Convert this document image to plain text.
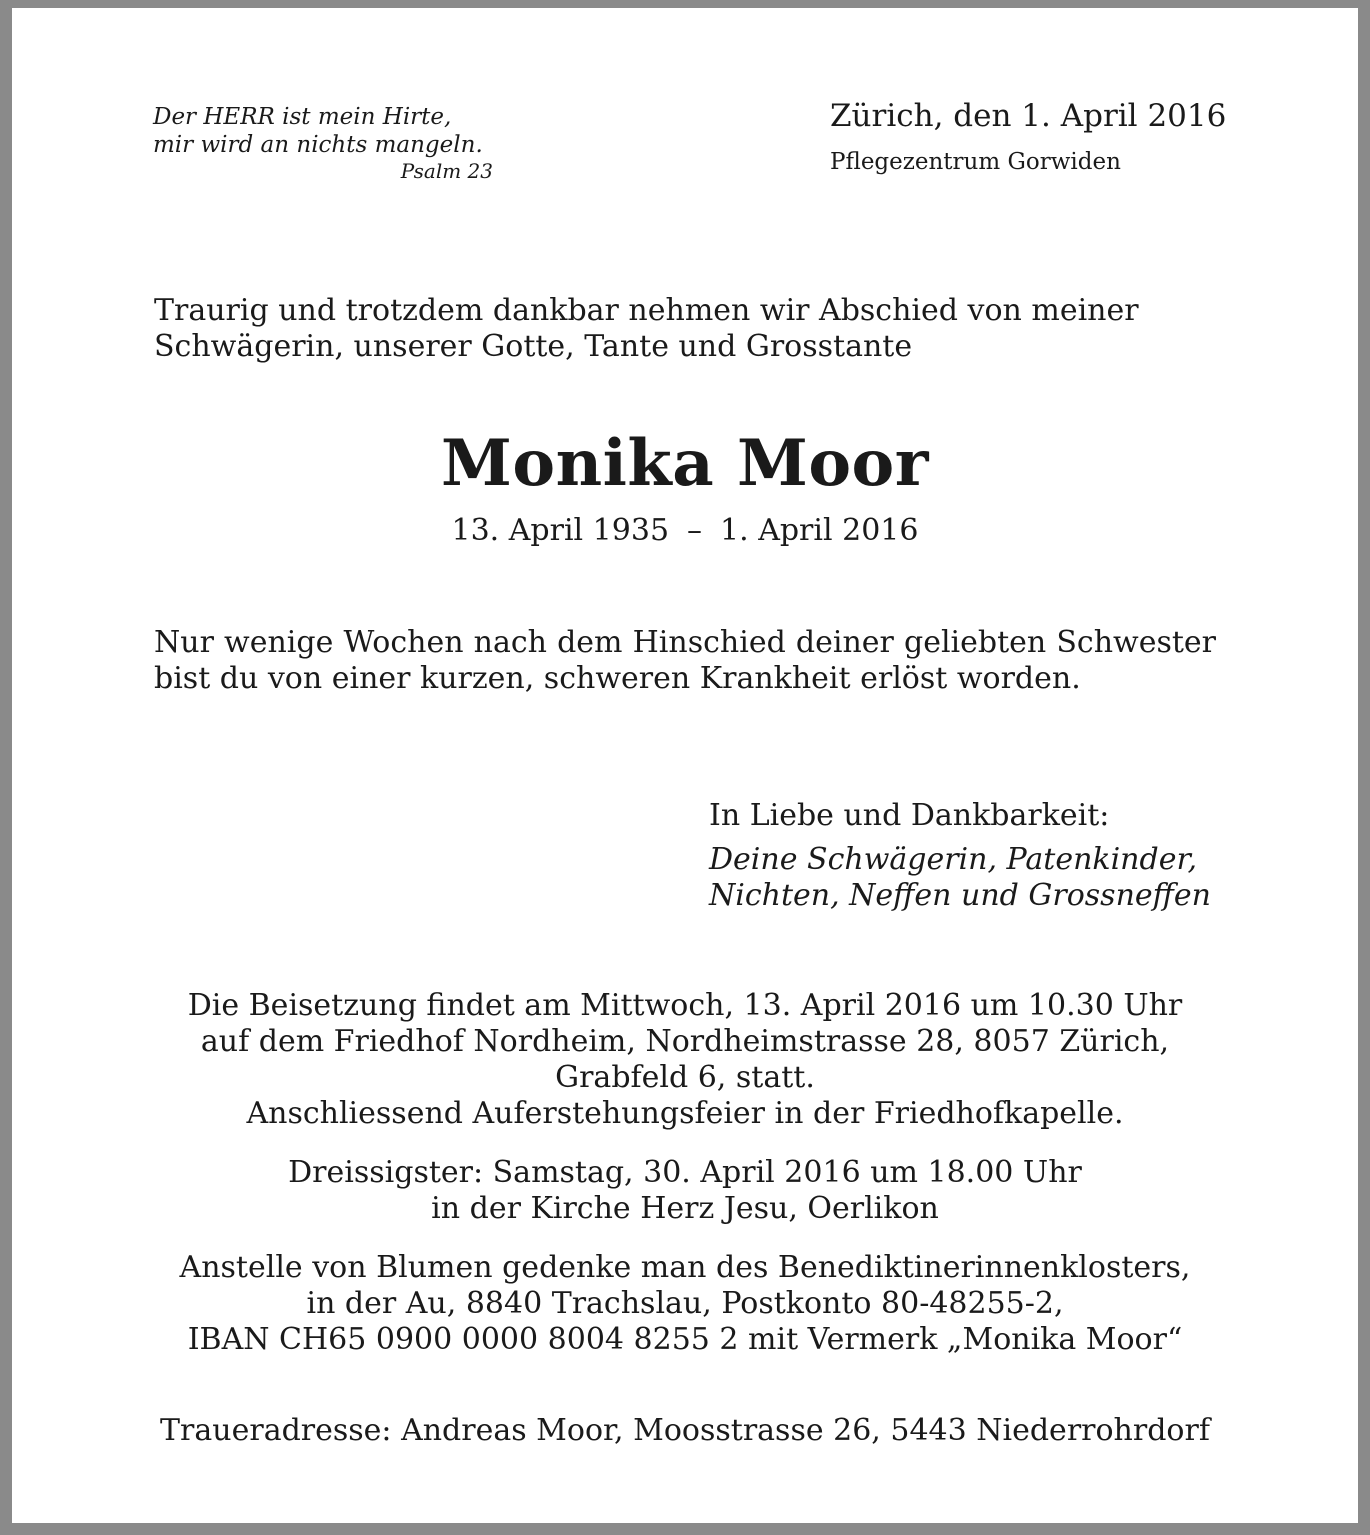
Der HERR ist mein Hirte,
mir wird an nichts mangeln.
Psalm 23
Zürich, den 1. April 2016
Pflegezentrum Gorwiden

Traurig und trotzdem dankbar nehmen wir Abschied von meiner Schwägerin, unserer Gotte, Tante und Grosstante

Monika Moor
13. April 1935 – 1. April 2016

Nur wenige Wochen nach dem Hinschied deiner geliebten Schwester bist du von einer kurzen, schweren Krankheit erlöst worden.

In Liebe und Dankbarkeit:
Deine Schwägerin, Patenkinder,
Nichten, Neffen und Grossneffen
Die Beisetzung findet am Mittwoch, 13. April 2016 um 10.30 Uhr
auf dem Friedhof Nordheim, Nordheimstrasse 28, 8057 Zürich,
Grabfeld 6, statt.
Anschliessend Auferstehungsfeier in der Friedhofkapelle.
Dreissigster: Samstag, 30. April 2016 um 18.00 Uhr
in der Kirche Herz Jesu, Oerlikon
Anstelle von Blumen gedenke man des Benediktinerinnenklosters,
in der Au, 8840 Trachslau, Postkonto 80-48255-2,
IBAN CH65 0900 0000 8004 8255 2 mit Vermerk „Monika Moor“
Traueradresse: Andreas Moor, Moosstrasse 26, 5443 Niederrohrdorf
